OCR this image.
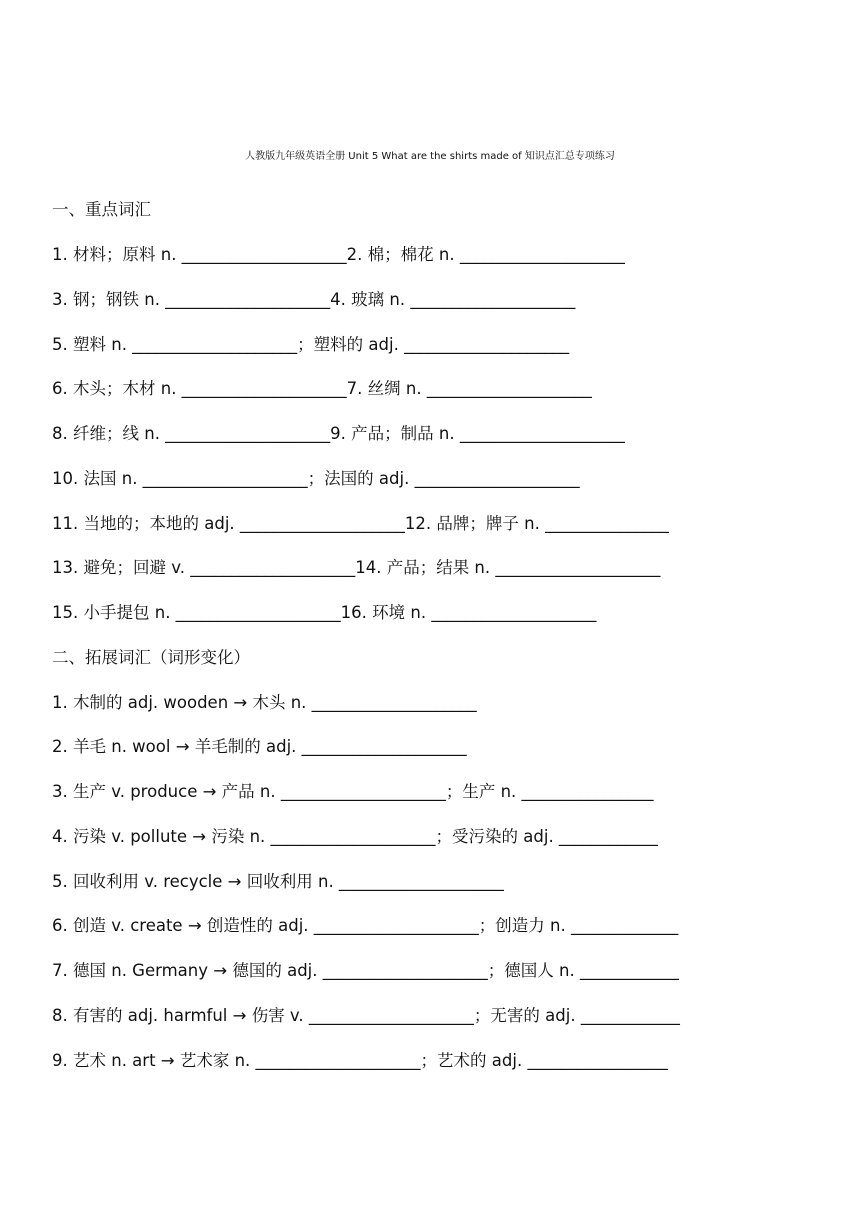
人教版九年级英语全册 Unit 5 What are the shirts made of 知识点汇总专项练习
一、重点词汇
1. 材料；原料 n. ____________________2. 棉；棉花 n. ____________________
3. 钢；钢铁 n. ____________________4. 玻璃 n. ____________________
5. 塑料 n. ____________________；塑料的 adj. ____________________
6. 木头；木材 n. ____________________7. 丝绸 n. ____________________
8. 纤维；线 n. ____________________9. 产品；制品 n. ____________________
10. 法国 n. ____________________；法国的 adj. ____________________
11. 当地的；本地的 adj. ____________________12. 品牌；牌子 n. _______________
13. 避免；回避 v. ____________________14. 产品；结果 n. ____________________
15. 小手提包 n. ____________________16. 环境 n. ____________________
二、拓展词汇（词形变化）
1. 木制的 adj. wooden → 木头 n. ____________________
2. 羊毛 n. wool → 羊毛制的 adj. ____________________
3. 生产 v. produce → 产品 n. ____________________；生产 n. ________________
4. 污染 v. pollute → 污染 n. ____________________；受污染的 adj. ____________
5. 回收利用 v. recycle → 回收利用 n. ____________________
6. 创造 v. create → 创造性的 adj. ____________________；创造力 n. _____________
7. 德国 n. Germany → 德国的 adj. ____________________；德国人 n. ____________
8. 有害的 adj. harmful → 伤害 v. ____________________；无害的 adj. ____________
9. 艺术 n. art → 艺术家 n. ____________________；艺术的 adj. _________________
